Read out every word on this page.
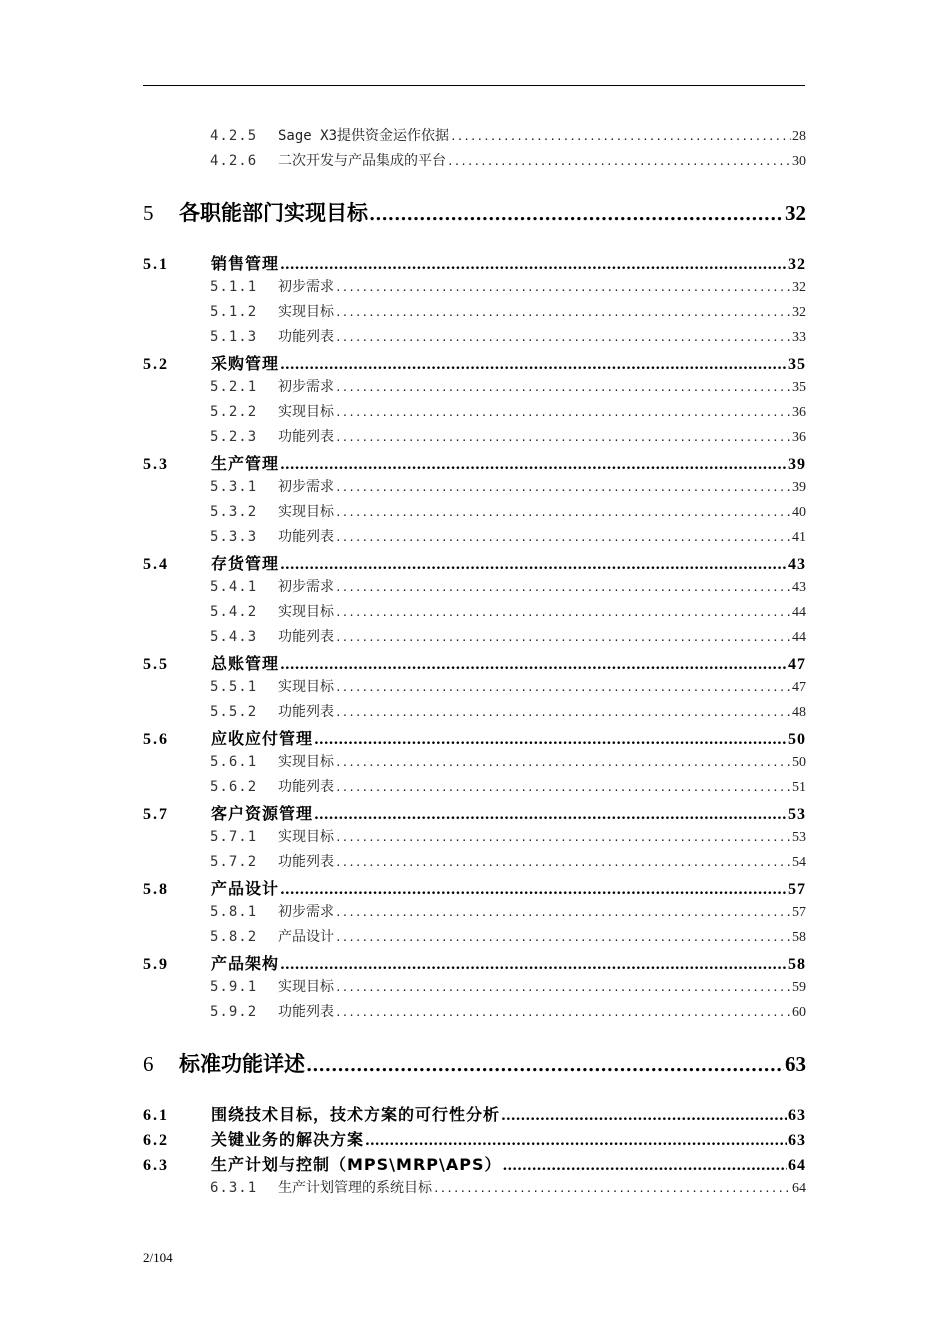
4.2.5	Sage X3提供资金运作依据 .....	28
4.2.6	二次开发与产品集成的平台 .....	30
5	各职能部门实现目标 .....	32
5.1	销售管理 .....	32
5.1.1	初步需求 .....	32
5.1.2	实现目标 .....	32
5.1.3	功能列表 .....	33
5.2	采购管理 .....	35
5.2.1	初步需求 .....	35
5.2.2	实现目标 .....	36
5.2.3	功能列表 .....	36
5.3	生产管理 .....	39
5.3.1	初步需求 .....	39
5.3.2	实现目标 .....	40
5.3.3	功能列表 .....	41
5.4	存货管理 .....	43
5.4.1	初步需求 .....	43
5.4.2	实现目标 .....	44
5.4.3	功能列表 .....	44
5.5	总账管理 .....	47
5.5.1	实现目标 .....	47
5.5.2	功能列表 .....	48
5.6	应收应付管理 .....	50
5.6.1	实现目标 .....	50
5.6.2	功能列表 .....	51
5.7	客户资源管理 .....	53
5.7.1	实现目标 .....	53
5.7.2	功能列表 .....	54
5.8	产品设计 .....	57
5.8.1	初步需求 .....	57
5.8.2	产品设计 .....	58
5.9	产品架构 .....	58
5.9.1	实现目标 .....	59
5.9.2	功能列表 .....	60
6	标准功能详述 .....	63
6.1	围绕技术目标，技术方案的可行性分析 .....	63
6.2	关键业务的解决方案 .....	63
6.3	生产计划与控制（MPS\MRP\APS） .....	64
6.3.1	生产计划管理的系统目标 .....	64
2/104
